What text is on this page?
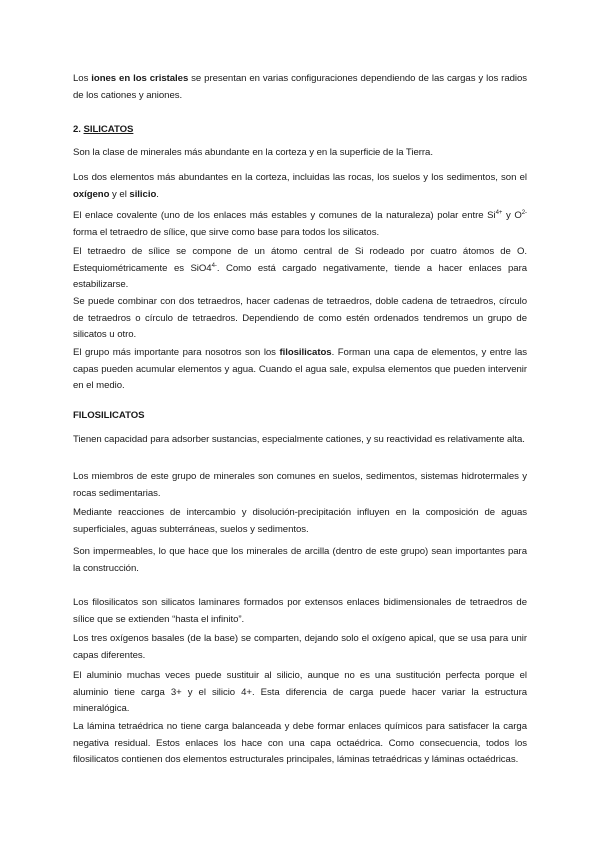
Los iones en los cristales se presentan en varias configuraciones dependiendo de las cargas y los radios de los cationes y aniones.

2. SILICATOS

Son la clase de minerales más abundante en la corteza y en la superficie de la Tierra.

Los dos elementos más abundantes en la corteza, incluidas las rocas, los suelos y los sedimentos, son el oxígeno y el silicio.

El enlace covalente (uno de los enlaces más estables y comunes de la naturaleza) polar entre $Si^{4+}$ y $O^{2-}$ forma el tetraedro de sílice, que sirve como base para todos los silicatos.

El tetraedro de sílice se compone de un átomo central de Si rodeado por cuatro átomos de O. Estequiométricamente es $SiO4^{4-}$. Como está cargado negativamente, tiende a hacer enlaces para estabilizarse.

Se puede combinar con dos tetraedros, hacer cadenas de tetraedros, doble cadena de tetraedros, círculo de tetraedros o círculo de tetraedros. Dependiendo de como estén ordenados tendremos un grupo de silicatos u otro.

El grupo más importante para nosotros son los filosilicatos. Forman una capa de elementos, y entre las capas pueden acumular elementos y agua. Cuando el agua sale, expulsa elementos que pueden intervenir en el medio.

FILOSILICATOS

Tienen capacidad para adsorber sustancias, especialmente cationes, y su reactividad es relativamente alta.

Los miembros de este grupo de minerales son comunes en suelos, sedimentos, sistemas hidrotermales y rocas sedimentarias.

Mediante reacciones de intercambio y disolución-precipitación influyen en la composición de aguas superficiales, aguas subterráneas, suelos y sedimentos.

Son impermeables, lo que hace que los minerales de arcilla (dentro de este grupo) sean importantes para la construcción.

Los filosilicatos son silicatos laminares formados por extensos enlaces bidimensionales de tetraedros de sílice que se extienden “hasta el infinito”.

Los tres oxígenos basales (de la base) se comparten, dejando solo el oxígeno apical, que se usa para unir capas diferentes.

El aluminio muchas veces puede sustituir al silicio, aunque no es una sustitución perfecta porque el aluminio tiene carga 3+ y el silicio 4+. Esta diferencia de carga puede hacer variar la estructura mineralógica.

La lámina tetraédrica no tiene carga balanceada y debe formar enlaces químicos para satisfacer la carga negativa residual. Estos enlaces los hace con una capa octaédrica. Como consecuencia, todos los filosilicatos contienen dos elementos estructurales principales, láminas tetraédricas y láminas octaédricas.
